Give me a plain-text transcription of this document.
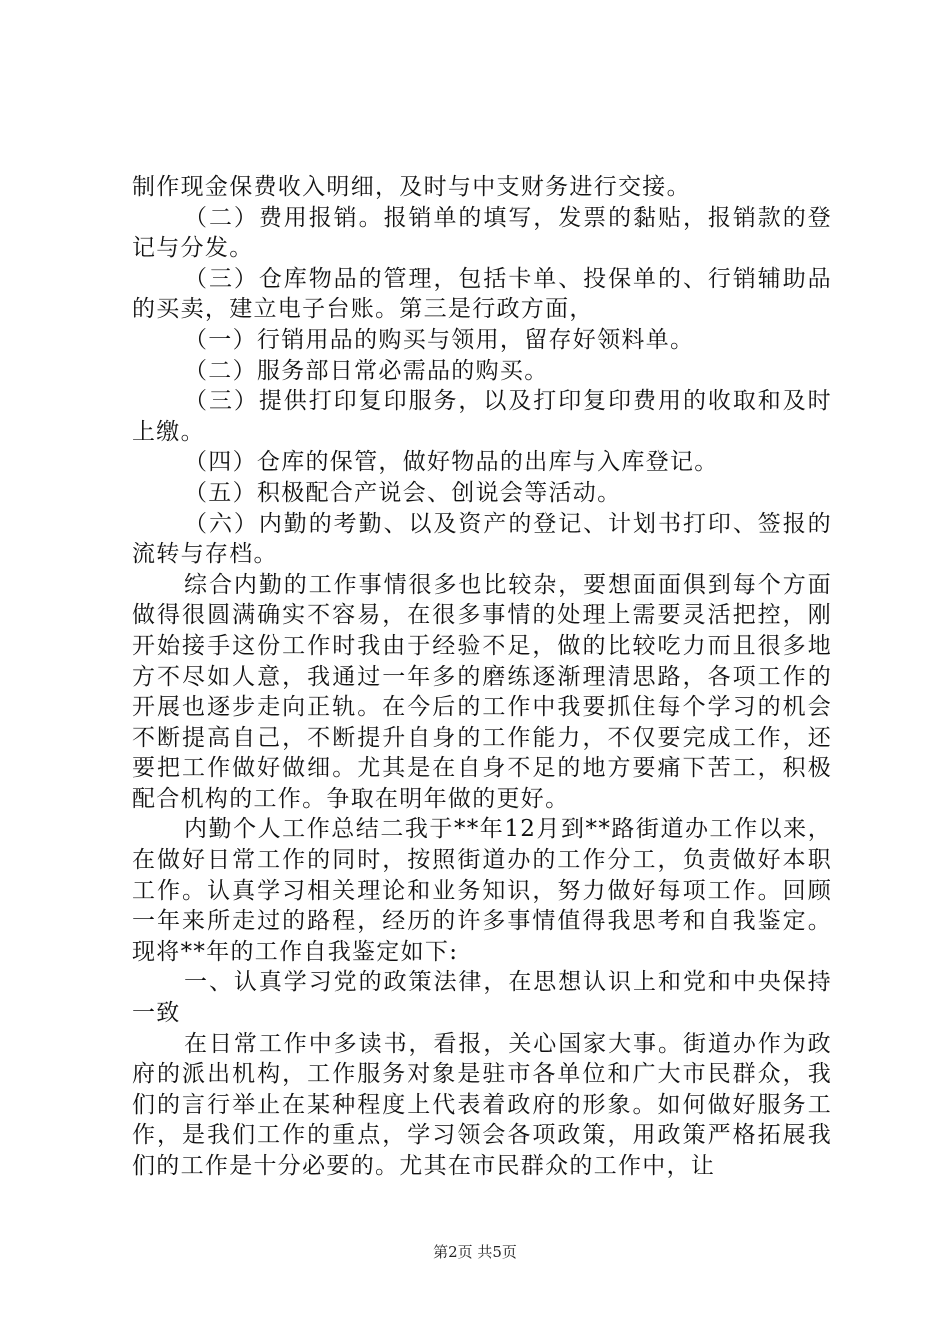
制作现金保费收入明细，及时与中支财务进行交接。

（二）费用报销。报销单的填写，发票的黏贴，报销款的登记与分发。

（三）仓库物品的管理，包括卡单、投保单的、行销辅助品的买卖，建立电子台账。第三是行政方面，

（一）行销用品的购买与领用，留存好领料单。

（二）服务部日常必需品的购买。

（三）提供打印复印服务，以及打印复印费用的收取和及时上缴。

（四）仓库的保管，做好物品的出库与入库登记。

（五）积极配合产说会、创说会等活动。

（六）内勤的考勤、以及资产的登记、计划书打印、签报的流转与存档。

综合内勤的工作事情很多也比较杂，要想面面俱到每个方面做得很圆满确实不容易，在很多事情的处理上需要灵活把控，刚开始接手这份工作时我由于经验不足，做的比较吃力而且很多地方不尽如人意，我通过一年多的磨练逐渐理清思路，各项工作的开展也逐步走向正轨。在今后的工作中我要抓住每个学习的机会不断提高自己，不断提升自身的工作能力，不仅要完成工作，还要把工作做好做细。尤其是在自身不足的地方要痛下苦工，积极配合机构的工作。争取在明年做的更好。

内勤个人工作总结二我于**年12月到**路街道办工作以来，在做好日常工作的同时，按照街道办的工作分工，负责做好本职工作。认真学习相关理论和业务知识，努力做好每项工作。回顾一年来所走过的路程，经历的许多事情值得我思考和自我鉴定。现将**年的工作自我鉴定如下:

一、认真学习党的政策法律，在思想认识上和党和中央保持一致

在日常工作中多读书，看报，关心国家大事。街道办作为政府的派出机构，工作服务对象是驻市各单位和广大市民群众，我们的言行举止在某种程度上代表着政府的形象。如何做好服务工作，是我们工作的重点，学习领会各项政策，用政策严格拓展我们的工作是十分必要的。尤其在市民群众的工作中，让

第2页 共5页
